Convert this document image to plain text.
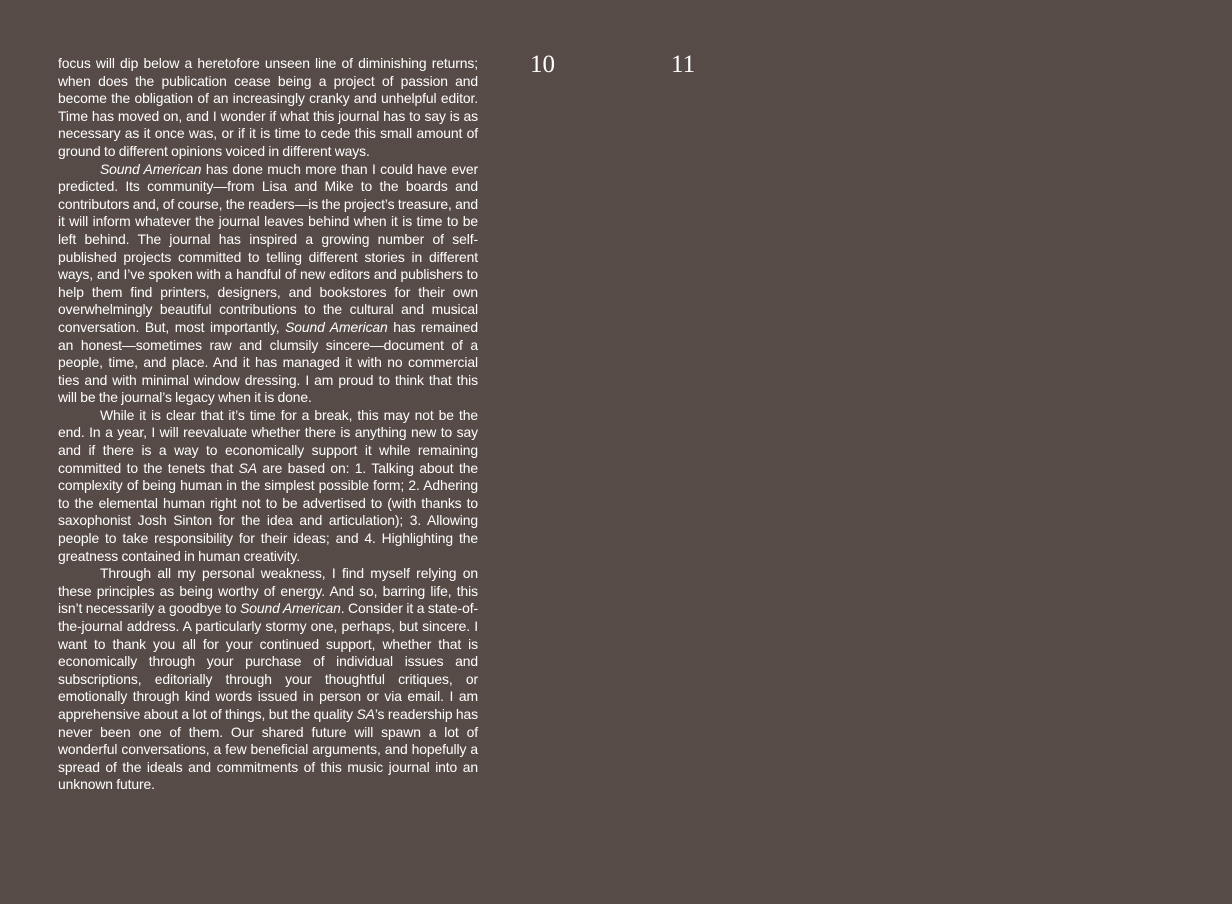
focus will dip below a heretofore unseen line of diminishing returns; when does the publication cease being a project of passion and become the obligation of an increasingly cranky and unhelpful editor. Time has moved on, and I wonder if what this journal has to say is as necessary as it once was, or if it is time to cede this small amount of ground to different opinions voiced in different ways.

Sound American has done much more than I could have ever predicted. Its community—from Lisa and Mike to the boards and contributors and, of course, the readers—is the project’s treasure, and it will inform whatever the journal leaves behind when it is time to be left behind. The journal has inspired a growing number of self-published projects committed to telling different stories in different ways, and I’ve spoken with a handful of new editors and publishers to help them find printers, designers, and bookstores for their own overwhelmingly beautiful contributions to the cultural and musical conversation. But, most importantly, Sound American has remained an honest—sometimes raw and clumsily sincere—document of a people, time, and place. And it has managed it with no commercial ties and with minimal window dressing. I am proud to think that this will be the journal’s legacy when it is done.

While it is clear that it’s time for a break, this may not be the end. In a year, I will reevaluate whether there is anything new to say and if there is a way to economically support it while remaining committed to the tenets that SA are based on: 1. Talking about the complexity of being human in the simplest possible form; 2. Adhering to the elemental human right not to be advertised to (with thanks to saxophonist Josh Sinton for the idea and articulation); 3. Allowing people to take responsibility for their ideas; and 4. Highlighting the greatness contained in human creativity.

Through all my personal weakness, I find myself relying on these principles as being worthy of energy. And so, barring life, this isn’t necessarily a goodbye to Sound American. Consider it a state-of-the-journal address. A particularly stormy one, perhaps, but sincere. I want to thank you all for your continued support, whether that is economically through your purchase of individual issues and subscriptions, editorially through your thoughtful critiques, or emotionally through kind words issued in person or via email. I am apprehensive about a lot of things, but the quality SA’s readership has never been one of them. Our shared future will spawn a lot of wonderful conversations, a few beneficial arguments, and hopefully a spread of the ideals and commitments of this music journal into an unknown future.

10	11
